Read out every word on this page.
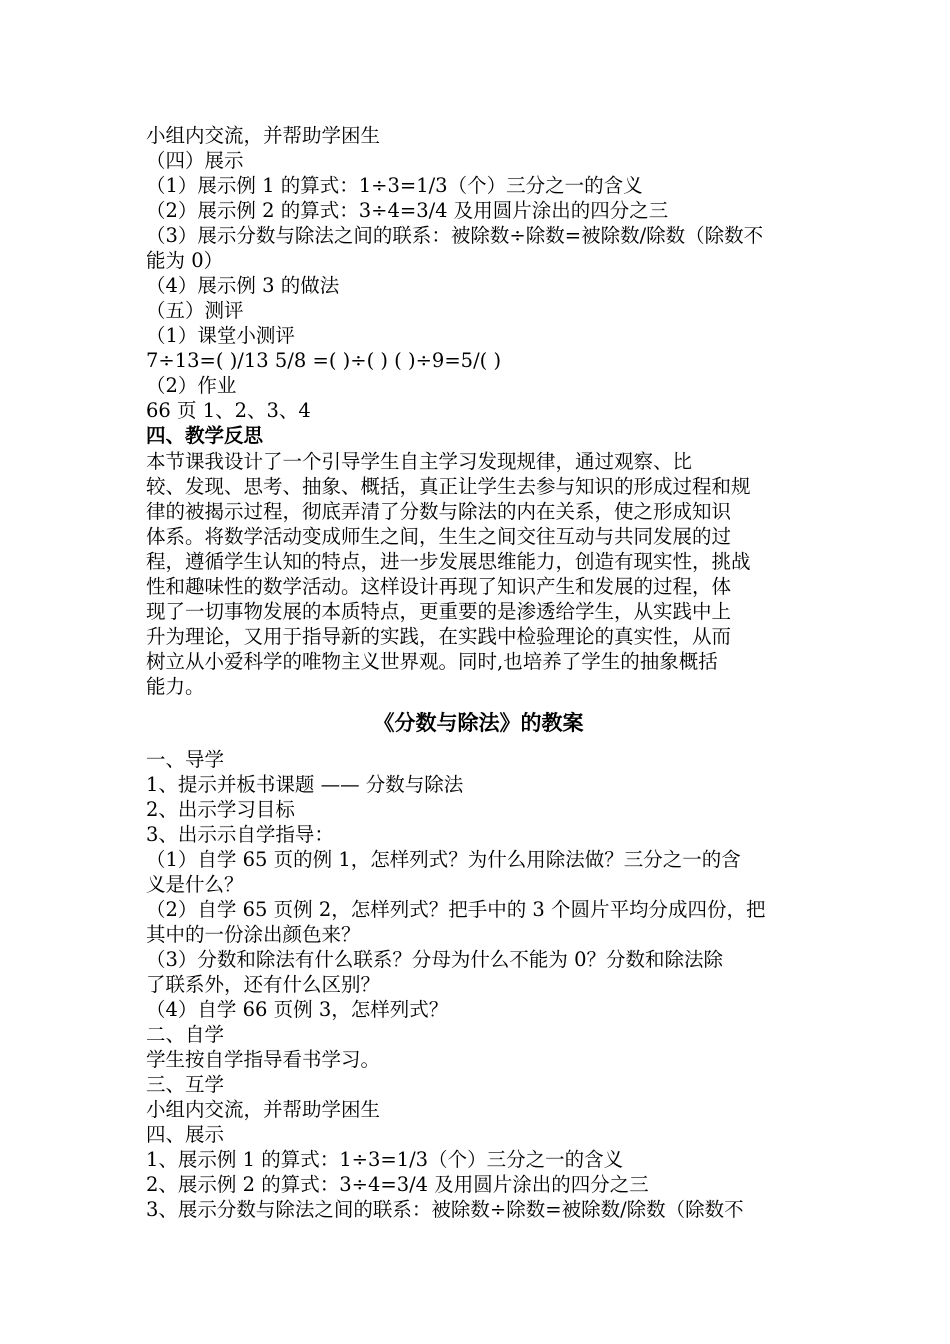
小组内交流，并帮助学困生
（四）展示
（1）展示例 1 的算式：1÷3=1/3（个）三分之一的含义
（2）展示例 2 的算式：3÷4=3/4 及用圆片涂出的四分之三
（3）展示分数与除法之间的联系：被除数÷除数=被除数/除数（除数不
能为 0）
（4）展示例 3 的做法
（五）测评
（1）课堂小测评
7÷13=( )/13 5/8 =( )÷( ) ( )÷9=5/( )
（2）作业
66 页 1、2、3、4
四、教学反思
本节课我设计了一个引导学生自主学习发现规律，通过观察、比
较、发现、思考、抽象、概括，真正让学生去参与知识的形成过程和规
律的被揭示过程，彻底弄清了分数与除法的内在关系，使之形成知识
体系。将数学活动变成师生之间，生生之间交往互动与共同发展的过
程，遵循学生认知的特点，进一步发展思维能力，创造有现实性，挑战
性和趣味性的数学活动。这样设计再现了知识产生和发展的过程，体
现了一切事物发展的本质特点，更重要的是渗透给学生，从实践中上
升为理论，又用于指导新的实践，在实践中检验理论的真实性，从而
树立从小爱科学的唯物主义世界观。同时,也培养了学生的抽象概括
能力。
《分数与除法》的教案
一、导学
1、提示并板书课题 —— 分数与除法
2、出示学习目标
3、出示示自学指导：
（1）自学 65 页的例 1，怎样列式？为什么用除法做？三分之一的含
义是什么？
（2）自学 65 页例 2，怎样列式？把手中的 3 个圆片平均分成四份，把
其中的一份涂出颜色来？
（3）分数和除法有什么联系？分母为什么不能为 0？分数和除法除
了联系外，还有什么区别？
（4）自学 66 页例 3，怎样列式？
二、自学
学生按自学指导看书学习。
三、互学
小组内交流，并帮助学困生
四、展示
1、展示例 1 的算式：1÷3=1/3（个）三分之一的含义
2、展示例 2 的算式：3÷4=3/4 及用圆片涂出的四分之三
3、展示分数与除法之间的联系：被除数÷除数=被除数/除数（除数不
